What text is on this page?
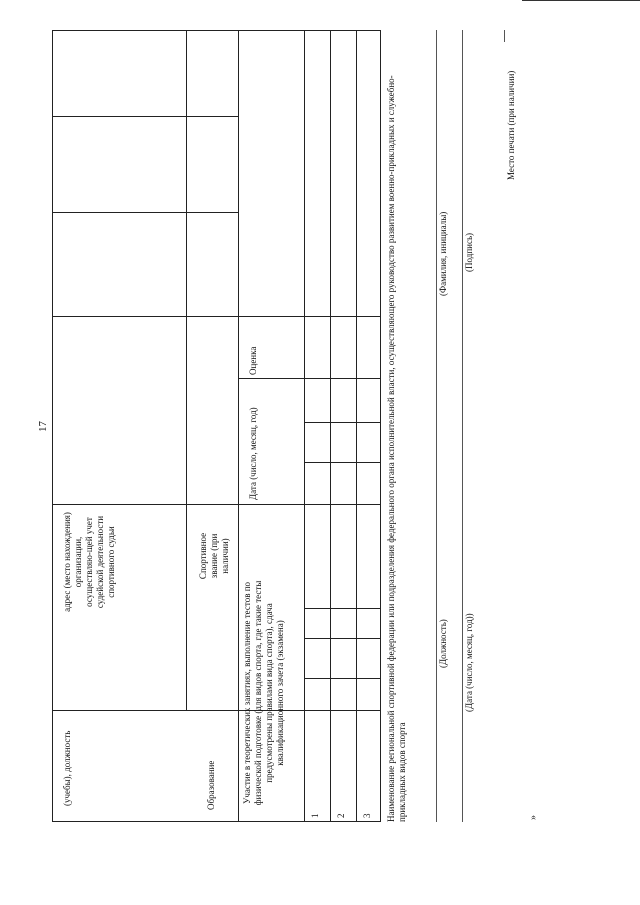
17
(учебы), должность
адрес (место нахождения) организации, осуществляю-щей учет судейской деятельности спортивного судьи
Образование
Спортивное звание (при наличии)
Участие в теоретических занятиях, выполнение тестов по физической подготовке (для видов спорта, где такие тесты предусмотрены правилами вида спорта), сдача квалификационного зачета (экзамена)
Дата (число, месяц, год)
Оценка
1 2 3 Наименование региональной спортивной федерации или подразделения федерального органа исполнительной власти, осуществляющего руководство развитием военно-прикладных и служебно-прикладных видов спорта
(Должность)
(Фамилия, инициалы)
(Дата (число, месяц, год))
(Подпись)
Место печати (при наличии)
»
